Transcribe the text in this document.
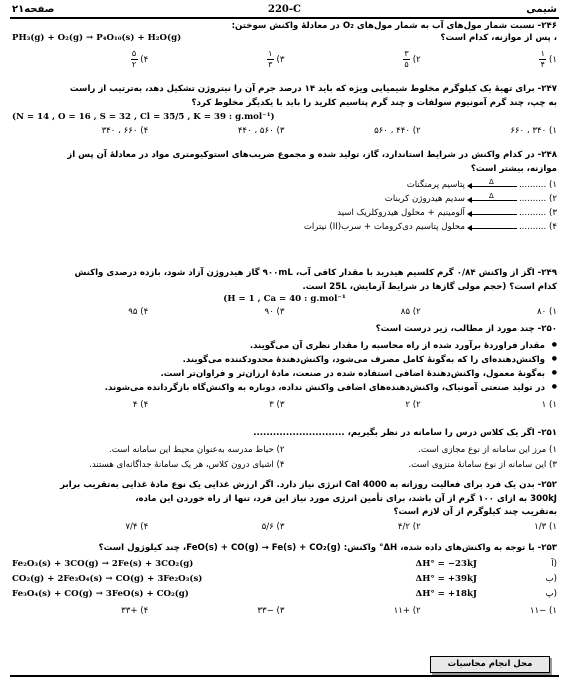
شیمی
220-C
صفحه۲۱
۲۴۶- نسبت شمار مول‌های آب به شمار مول‌های O₂ در معادلهٔ واکنش سوختن:
، پس از موازنه، کدام است؟
PH₃(g) + O₂(g) → P₄O₁₀(s) + H₂O(g)
۱)
$\frac{۱}{۴}$
۲)
$\frac{۳}{۵}$
۳)
$\frac{۱}{۳}$
۴)
$\frac{۵}{۲}$
۲۴۷- برای تهیهٔ یک کیلوگرم مخلوط شیمیایی ویژه که باید ۱۴ درصد جرم آن را نیتروژن تشکیل دهد، به‌ترتیب از راست
به چپ، چند گرم آمونیوم سولفات و چند گرم پتاسیم کلرید را باید با یکدیگر مخلوط کرد؟
(N = 14 , O = 16 , S = 32 , Cl = 35/5 , K = 39 : g.mol⁻¹)
۱) ۳۴۰ ، ۶۶۰
۲) ۴۴۰ ، ۵۶۰
۳) ۵۶۰ ، ۴۴۰
۴) ۶۶۰ ، ۳۴۰
۲۴۸- در کدام واکنش در شرایط استاندارد، گاز، تولید شده و مجموع ضریب‌های استوکیومتری مواد در معادلهٔ آن پس از
موازنه، بیشتر است؟
۱)

..........
Δ
پتاسیم پرمنگنات
۲)

..........
Δ
سدیم هیدروژن کربنات
۳)

..........
آلومینیم + محلول هیدروکلریک اسید
۴)

..........
محلول پتاسیم دی‌کرومات + سرب(II) نیترات
۲۴۹- اگز از واکنش ۰/۸۴ گرم کلسیم هیدرید با مقدار کافی آب، ۹۰۰mL گاز هیدروژن آزاد شود، بازده درصدی واکنش
کدام است؟ (حجم مولی گازها در شرایط آزمایش، 25L است.
(H = 1 , Ca = 40 : g.mol⁻¹
۱) ۸۰
۲) ۸۵
۳) ۹۰
۴) ۹۵
۲۵۰- چند مورد از مطالب، زیر درست است؟
● مقدار فراوردهٔ برآورد شده از راه محاسبه را مقدار نظری آن می‌گویند.
● واکنش‌دهنده‌ای را که به‌گونهٔ کامل مصرف می‌شود، واکنش‌دهندهٔ محدودکننده می‌گویند.
● به‌گونهٔ معمول، واکنش‌دهندهٔ اضافی استفاده شده در صنعت، مادهٔ ارزان‌تر و فراوان‌تر است.
● در تولید صنعتی آمونیاک، واکنش‌دهنده‌های اضافی واکنش نداده، دوباره به واکنش‌گاه بازگردانده می‌شوند.
۱) ۱
۲) ۲
۳) ۳
۴) ۴
۲۵۱- اگر یک کلاس درس را سامانه در نظر بگیریم، ............................
۱) مرز این سامانه از نوع مجازی است.
۲) حیاط مدرسه به‌عنوان محیط این سامانه است.
۳) این سامانه از نوع سامانهٔ منزوی است.
۴) اشیای درون کلاس، هر یک سامانهٔ جداگانه‌ای هستند.
۲۵۲- بدن یک فرد برای فعالیت روزانه به 4000 Cal انرژی نیاز دارد. اگر ارزش غذایی یک نوع مادهٔ غذایی به‌تقریب برابر
300kJ به ازای ۱۰۰ گرم از آن باشد، برای تأمین انرژی مورد نیاز این فرد، تنها از راه خوردن این ماده،
به‌تقریب چند کیلوگرم از آن لازم است؟
۱) ۱/۳
۲) ۴/۲
۳) ۵/۶
۴) ۷/۴
۲۵۳- با توجه به واکنش‌های داده شده، ΔH° واکنش: FeO(s) + CO(g) → Fe(s) + CO₂(g)، چند کیلوژول است؟
(آ
Fe₂O₃(s) + 3CO(g) → 2Fe(s) + 3CO₂(g)	ΔH° = −23kJ
(ب
CO₂(g) + 2Fe₃O₄(s) → CO(g) + 3Fe₂O₃(s)	ΔH° = +39kJ
(پ
Fe₃O₄(s) + CO(g) → 3FeO(s) + CO₂(g)	ΔH° = +18kJ
۱) −۱۱
۲) +۱۱
۳) −۳۳
۴) +۳۳
محل انجام محاسبات
